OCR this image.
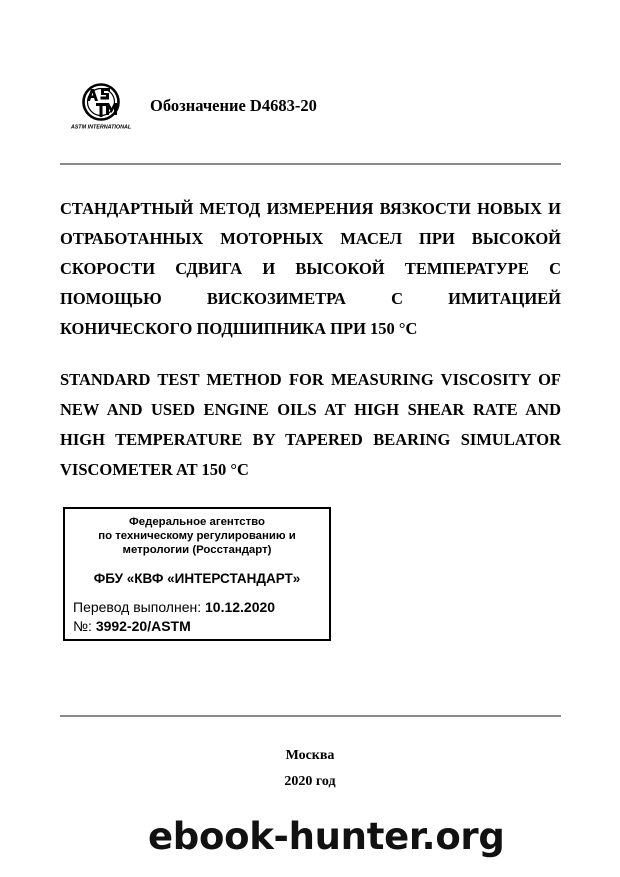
ASTM INTERNATIONAL
Обозначение D4683-20

СТАНДАРТНЫЙ МЕТОД ИЗМЕРЕНИЯ ВЯЗКОСТИ НОВЫХ И ОТРАБОТАННЫХ МОТОРНЫХ МАСЕЛ ПРИ ВЫСОКОЙ СКОРОСТИ СДВИГА И ВЫСОКОЙ ТЕМПЕРАТУРЕ С ПОМОЩЬЮ ВИСКОЗИМЕТРА С ИМИТАЦИЕЙ КОНИЧЕСКОГО ПОДШИПНИКА ПРИ 150 °C

STANDARD TEST METHOD FOR MEASURING VISCOSITY OF NEW AND USED ENGINE OILS AT HIGH SHEAR RATE AND HIGH TEMPERATURE BY TAPERED BEARING SIMULATOR VISCOMETER AT 150 °C

Федеральное агентство
по техническому регулированию и
метрологии (Росстандарт)
ФБУ «КВФ «ИНТЕРСТАНДАРТ»
Перевод выполнен: 10.12.2020
№: 3992-20/ASTM
Москва
2020 год
ebook-hunter.org
